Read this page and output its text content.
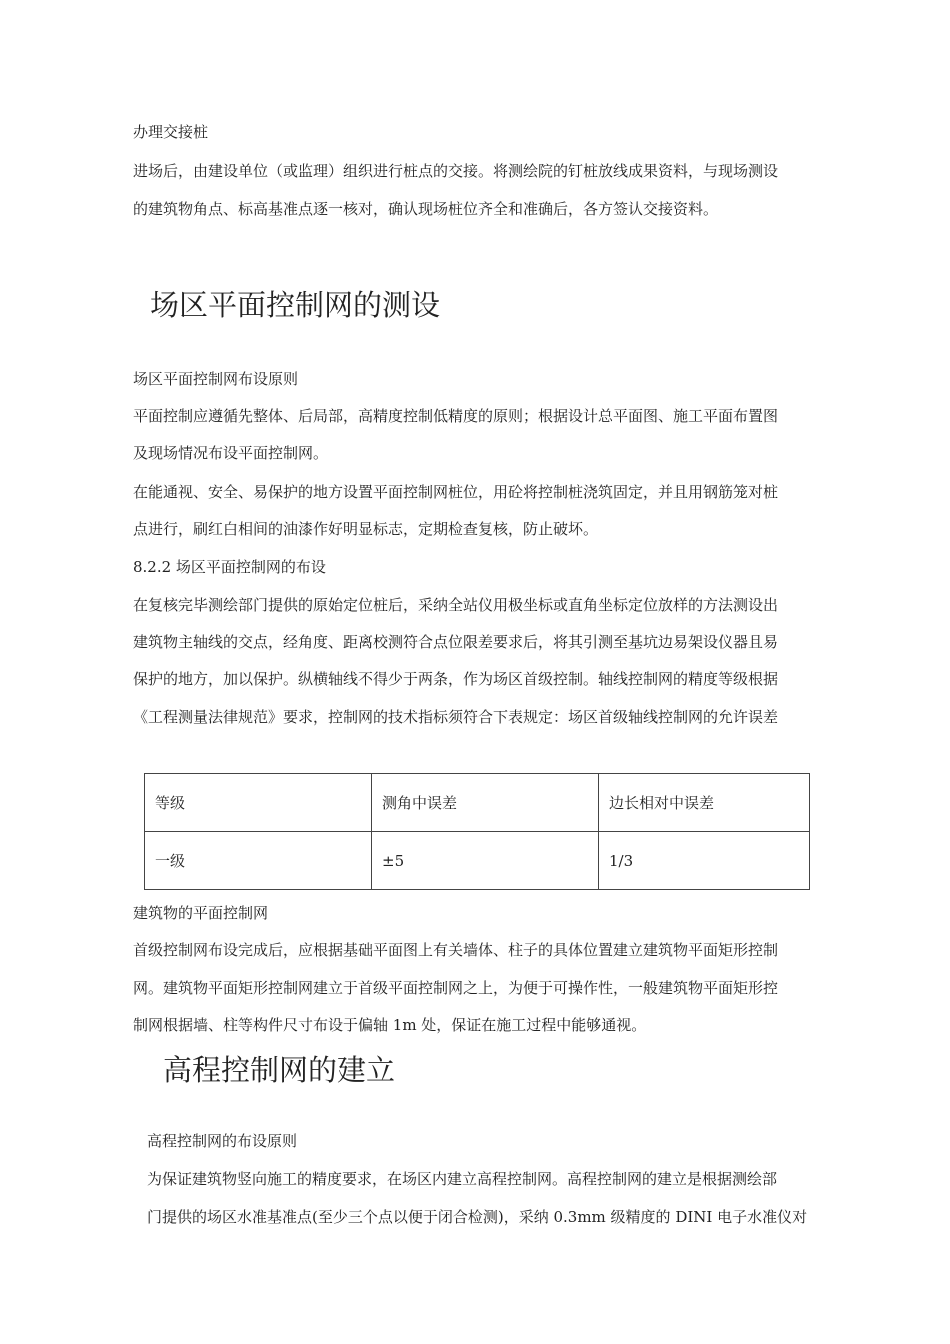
办理交接桩
进场后，由建设单位（或监理）组织进行桩点的交接。将测绘院的钉桩放线成果资料，与现场测设
的建筑物角点、标高基准点逐一核对，确认现场桩位齐全和准确后，各方签认交接资料。
场区平面控制网的测设
场区平面控制网布设原则
平面控制应遵循先整体、后局部，高精度控制低精度的原则；根据设计总平面图、施工平面布置图
及现场情况布设平面控制网。
在能通视、安全、易保护的地方设置平面控制网桩位，用砼将控制桩浇筑固定，并且用钢筋笼对桩
点进行，刷红白相间的油漆作好明显标志，定期检查复核，防止破坏。
8.2.2 场区平面控制网的布设
在复核完毕测绘部门提供的原始定位桩后，采纳全站仪用极坐标或直角坐标定位放样的方法测设出
建筑物主轴线的交点，经角度、距离校测符合点位限差要求后，将其引测至基坑边易架设仪器且易
保护的地方，加以保护。纵横轴线不得少于两条，作为场区首级控制。轴线控制网的精度等级根据
《工程测量法律规范》要求，控制网的技术指标须符合下表规定：场区首级轴线控制网的允许误差
等级	测角中误差	边长相对中误差
一级	±5	1/3
建筑物的平面控制网
首级控制网布设完成后，应根据基础平面图上有关墙体、柱子的具体位置建立建筑物平面矩形控制
网。建筑物平面矩形控制网建立于首级平面控制网之上，为便于可操作性，一般建筑物平面矩形控
制网根据墙、柱等构件尺寸布设于偏轴 1m 处，保证在施工过程中能够通视。
高程控制网的建立
高程控制网的布设原则
为保证建筑物竖向施工的精度要求，在场区内建立高程控制网。高程控制网的建立是根据测绘部
门提供的场区水准基准点(至少三个点以便于闭合检测)，采纳 0.3mm 级精度的 DINI 电子水准仪对
